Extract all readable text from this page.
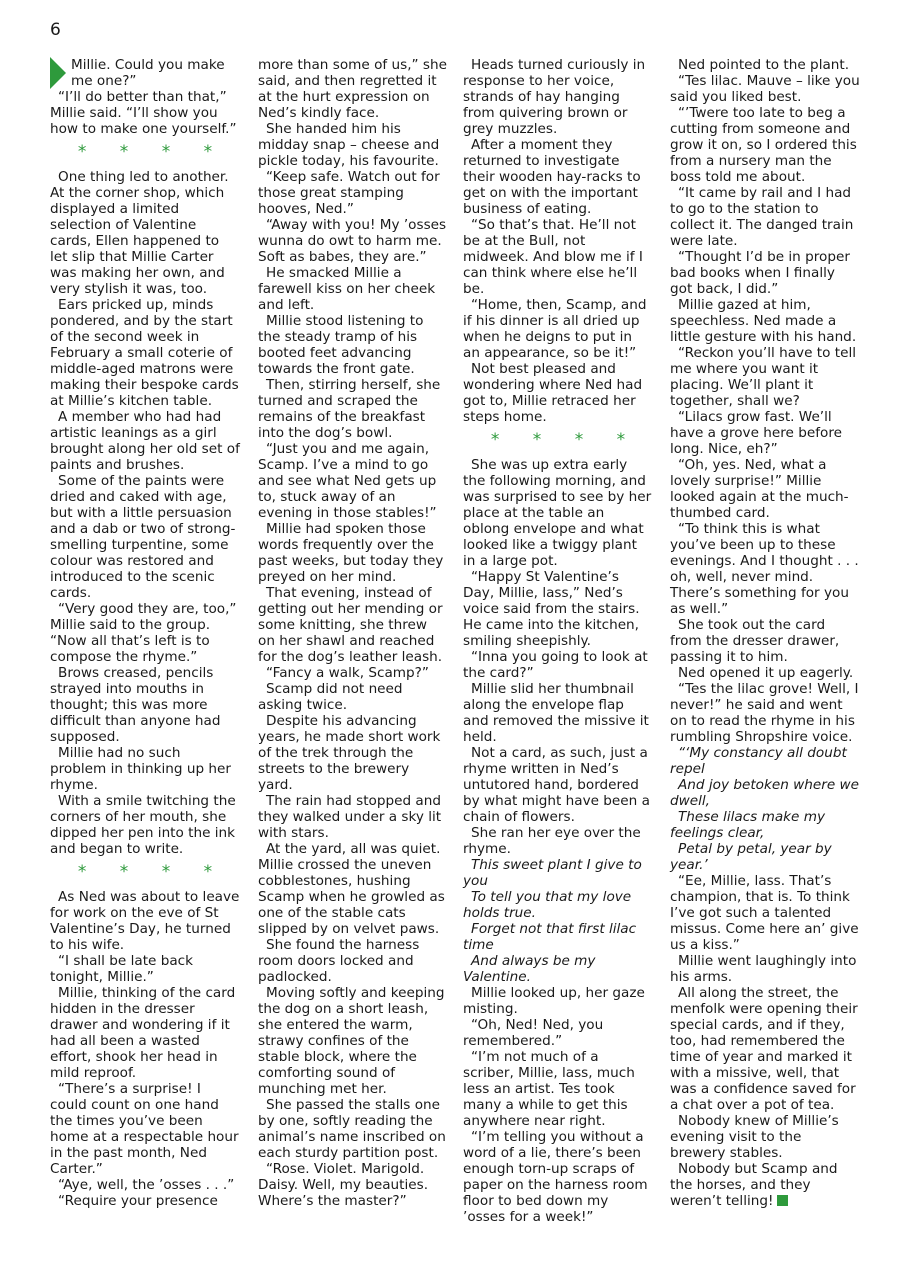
6

Millie. Could you make me one?”

“I’ll do better than that,” Millie said. “I’ll show you how to make one yourself.”

* * * *

One thing led to another. At the corner shop, which displayed a limited selection of Valentine cards, Ellen happened to let slip that Millie Carter was making her own, and very stylish it was, too.

Ears pricked up, minds pondered, and by the start of the second week in February a small coterie of middle-aged matrons were making their bespoke cards at Millie’s kitchen table.

A member who had had artistic leanings as a girl brought along her old set of paints and brushes.

Some of the paints were dried and caked with age, but with a little persuasion and a dab or two of strong-smelling turpentine, some colour was restored and introduced to the scenic cards.

“Very good they are, too,” Millie said to the group. “Now all that’s left is to compose the rhyme.”

Brows creased, pencils strayed into mouths in thought; this was more difficult than anyone had supposed.

Millie had no such problem in thinking up her rhyme.

With a smile twitching the corners of her mouth, she dipped her pen into the ink and began to write.

* * * *

As Ned was about to leave for work on the eve of St Valentine’s Day, he turned to his wife.

“I shall be late back tonight, Millie.”

Millie, thinking of the card hidden in the dresser drawer and wondering if it had all been a wasted effort, shook her head in mild reproof.

“There’s a surprise! I could count on one hand the times you’ve been home at a respectable hour in the past month, Ned Carter.”

“Aye, well, the ’osses . . .”

“Require your presence

more than some of us,” she said, and then regretted it at the hurt expression on Ned’s kindly face.

She handed him his midday snap – cheese and pickle today, his favourite.

“Keep safe. Watch out for those great stamping hooves, Ned.”

“Away with you! My ’osses wunna do owt to harm me. Soft as babes, they are.”

He smacked Millie a farewell kiss on her cheek and left.

Millie stood listening to the steady tramp of his booted feet advancing towards the front gate.

Then, stirring herself, she turned and scraped the remains of the breakfast into the dog’s bowl.

“Just you and me again, Scamp. I’ve a mind to go and see what Ned gets up to, stuck away of an evening in those stables!”

Millie had spoken those words frequently over the past weeks, but today they preyed on her mind.

That evening, instead of getting out her mending or some knitting, she threw on her shawl and reached for the dog’s leather leash.

“Fancy a walk, Scamp?”

Scamp did not need asking twice.

Despite his advancing years, he made short work of the trek through the streets to the brewery yard.

The rain had stopped and they walked under a sky lit with stars.

At the yard, all was quiet. Millie crossed the uneven cobblestones, hushing Scamp when he growled as one of the stable cats slipped by on velvet paws.

She found the harness room doors locked and padlocked.

Moving softly and keeping the dog on a short leash, she entered the warm, strawy confines of the stable block, where the comforting sound of munching met her.

She passed the stalls one by one, softly reading the animal’s name inscribed on each sturdy partition post.

“Rose. Violet. Marigold. Daisy. Well, my beauties. Where’s the master?”

Heads turned curiously in response to her voice, strands of hay hanging from quivering brown or grey muzzles.

After a moment they returned to investigate their wooden hay-racks to get on with the important business of eating.

“So that’s that. He’ll not be at the Bull, not midweek. And blow me if I can think where else he’ll be.

“Home, then, Scamp, and if his dinner is all dried up when he deigns to put in an appearance, so be it!”

Not best pleased and wondering where Ned had got to, Millie retraced her steps home.

* * * *

She was up extra early the following morning, and was surprised to see by her place at the table an oblong envelope and what looked like a twiggy plant in a large pot.

“Happy St Valentine’s Day, Millie, lass,” Ned’s voice said from the stairs. He came into the kitchen, smiling sheepishly.

“Inna you going to look at the card?”

Millie slid her thumbnail along the envelope flap and removed the missive it held.

Not a card, as such, just a rhyme written in Ned’s untutored hand, bordered by what might have been a chain of flowers.

She ran her eye over the rhyme.

This sweet plant I give to you

To tell you that my love holds true.

Forget not that first lilac time

And always be my Valentine.

Millie looked up, her gaze misting.

“Oh, Ned! Ned, you remembered.”

“I’m not much of a scriber, Millie, lass, much less an artist. Tes took many a while to get this anywhere near right.

“I’m telling you without a word of a lie, there’s been enough torn-up scraps of paper on the harness room floor to bed down my ’osses for a week!”

Ned pointed to the plant.

“Tes lilac. Mauve – like you said you liked best.

“’Twere too late to beg a cutting from someone and grow it on, so I ordered this from a nursery man the boss told me about.

“It came by rail and I had to go to the station to collect it. The danged train were late.

“Thought I’d be in proper bad books when I finally got back, I did.”

Millie gazed at him, speechless. Ned made a little gesture with his hand.

“Reckon you’ll have to tell me where you want it placing. We’ll plant it together, shall we?

“Lilacs grow fast. We’ll have a grove here before long. Nice, eh?”

“Oh, yes. Ned, what a lovely surprise!” Millie looked again at the much-thumbed card.

“To think this is what you’ve been up to these evenings. And I thought . . . oh, well, never mind. There’s something for you as well.”

She took out the card from the dresser drawer, passing it to him.

Ned opened it up eagerly.

“Tes the lilac grove! Well, I never!” he said and went on to read the rhyme in his rumbling Shropshire voice.

“‘My constancy all doubt repel

And joy betoken where we dwell,

These lilacs make my feelings clear,

Petal by petal, year by year.’

“Ee, Millie, lass. That’s champion, that is. To think I’ve got such a talented missus. Come here an’ give us a kiss.”

Millie went laughingly into his arms.

All along the street, the menfolk were opening their special cards, and if they, too, had remembered the time of year and marked it with a missive, well, that was a confidence saved for a chat over a pot of tea.

Nobody knew of Millie’s evening visit to the brewery stables.

Nobody but Scamp and the horses, and they weren’t telling!
